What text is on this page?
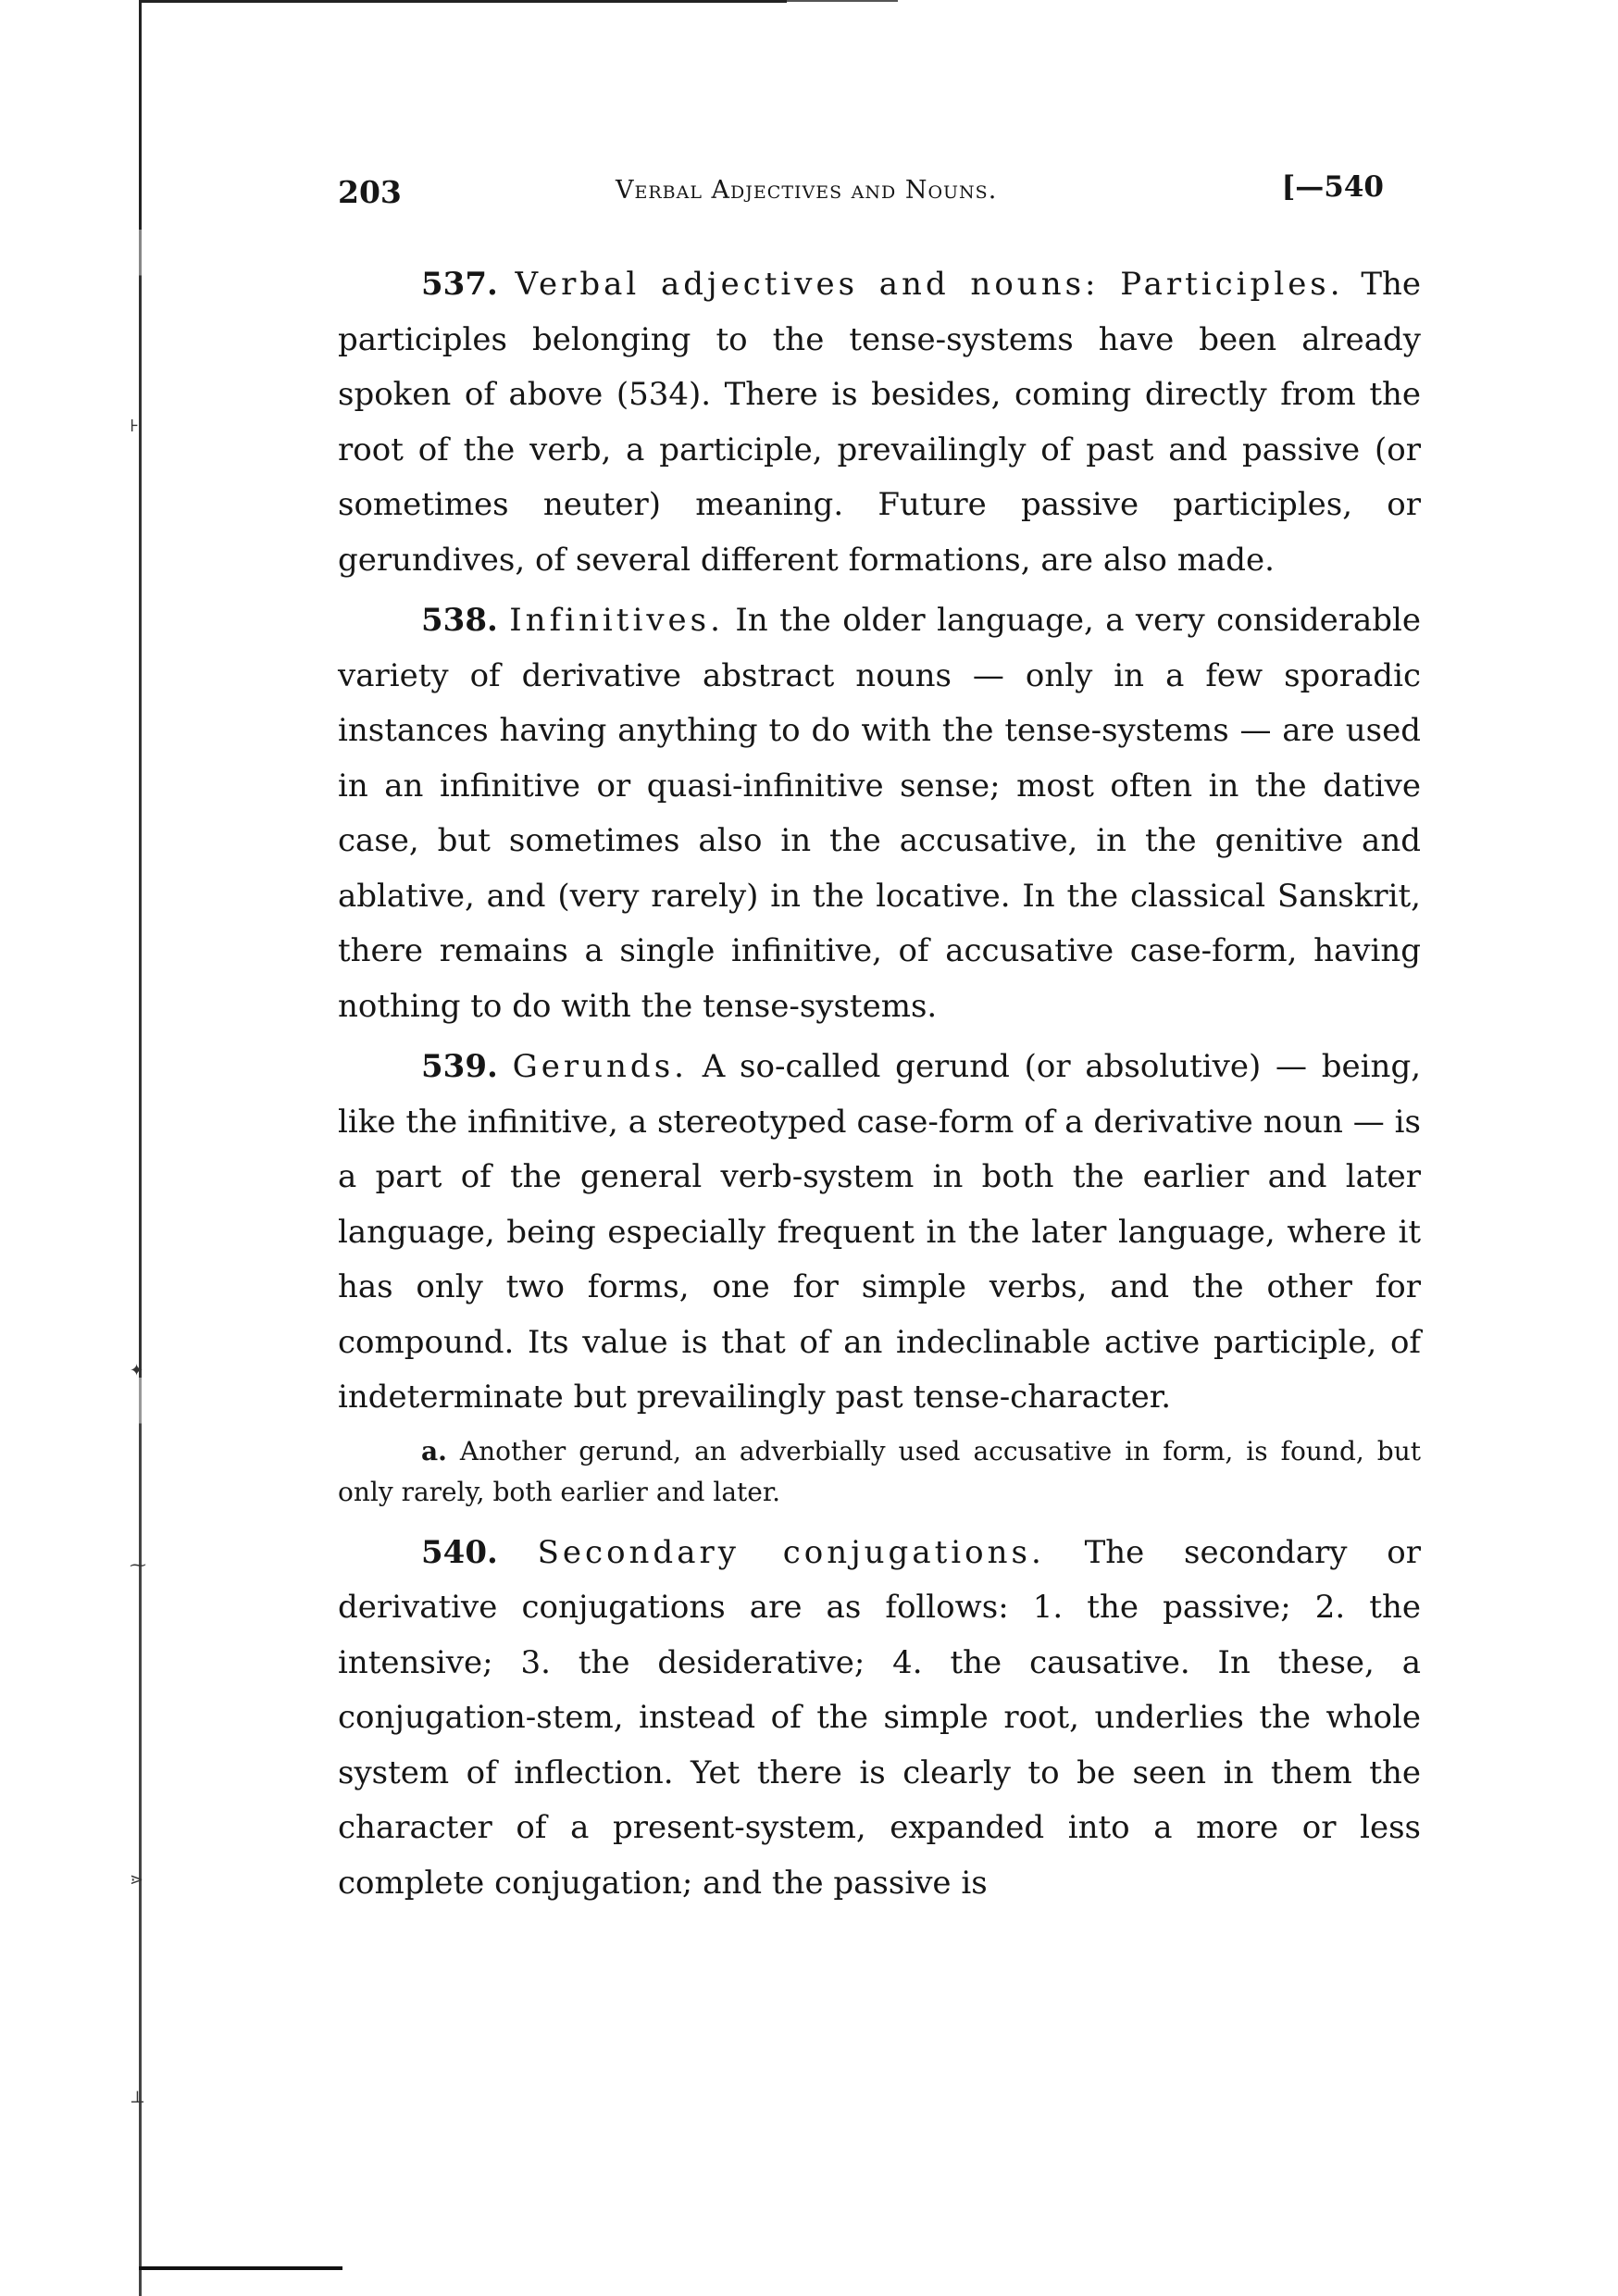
⊦
✦
⁓
⋗
⊥
203	Verbal Adjectives and Nouns.	[—540

537. Verbal adjectives and nouns: Participles. The participles belonging to the tense-systems have been already spoken of above (534). There is besides, coming directly from the root of the verb, a participle, prevailingly of past and passive (or sometimes neuter) meaning. Future passive participles, or gerundives, of several different formations, are also made.

538. Infinitives. In the older language, a very considerable variety of derivative abstract nouns — only in a few sporadic instances having anything to do with the tense-systems — are used in an infinitive or quasi-infinitive sense; most often in the dative case, but sometimes also in the accusative, in the genitive and ablative, and (very rarely) in the locative. In the classical Sanskrit, there remains a single infinitive, of accusative case-form, having nothing to do with the tense-systems.

539. Gerunds. A so-called gerund (or absolutive) — being, like the infinitive, a stereotyped case-form of a derivative noun — is a part of the general verb-system in both the earlier and later language, being especially frequent in the later language, where it has only two forms, one for simple verbs, and the other for compound. Its value is that of an indeclinable active participle, of indeterminate but prevailingly past tense-character.

a. Another gerund, an adverbially used accusative in form, is found, but only rarely, both earlier and later.

540. Secondary conjugations. The secondary or derivative conjugations are as follows: 1. the passive; 2. the intensive; 3. the desiderative; 4. the causative. In these, a conjugation-stem, instead of the simple root, underlies the whole system of inflection. Yet there is clearly to be seen in them the character of a present-system, expanded into a more or less complete conjugation; and the passive is
